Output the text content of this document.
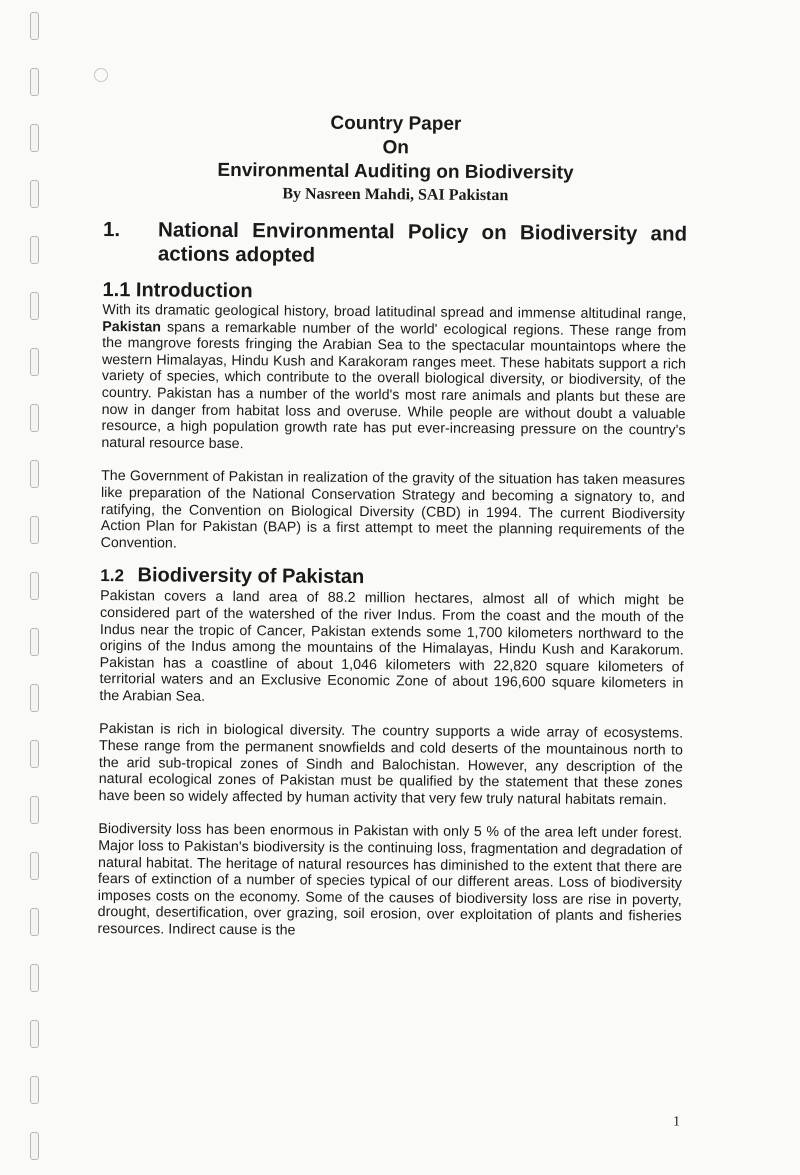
Country Paper
On
Environmental Auditing on Biodiversity
By Nasreen Mahdi, SAI Pakistan
1.	National Environmental Policy on Biodiversity and actions adopted
1.1 Introduction

With its dramatic geological history, broad latitudinal spread and immense altitudinal range, Pakistan spans a remarkable number of the world' ecological regions. These range from the mangrove forests fringing the Arabian Sea to the spectacular mountaintops where the western Himalayas, Hindu Kush and Karakoram ranges meet. These habitats support a rich variety of species, which contribute to the overall biological diversity, or biodiversity, of the country. Pakistan has a number of the world's most rare animals and plants but these are now in danger from habitat loss and overuse. While people are without doubt a valuable resource, a high population growth rate has put ever-increasing pressure on the country's natural resource base.

The Government of Pakistan in realization of the gravity of the situation has taken measures like preparation of the National Conservation Strategy and becoming a signatory to, and ratifying, the Convention on Biological Diversity (CBD) in 1994. The current Biodiversity Action Plan for Pakistan (BAP) is a first attempt to meet the planning requirements of the Convention.

1.2 Biodiversity of Pakistan

Pakistan covers a land area of 88.2 million hectares, almost all of which might be considered part of the watershed of the river Indus. From the coast and the mouth of the Indus near the tropic of Cancer, Pakistan extends some 1,700 kilometers northward to the origins of the Indus among the mountains of the Himalayas, Hindu Kush and Karakorum. Pakistan has a coastline of about 1,046 kilometers with 22,820 square kilometers of territorial waters and an Exclusive Economic Zone of about 196,600 square kilometers in the Arabian Sea.

Pakistan is rich in biological diversity. The country supports a wide array of ecosystems. These range from the permanent snowfields and cold deserts of the mountainous north to the arid sub-tropical zones of Sindh and Balochistan. However, any description of the natural ecological zones of Pakistan must be qualified by the statement that these zones have been so widely affected by human activity that very few truly natural habitats remain.

Biodiversity loss has been enormous in Pakistan with only 5 % of the area left under forest. Major loss to Pakistan's biodiversity is the continuing loss, fragmentation and degradation of natural habitat. The heritage of natural resources has diminished to the extent that there are fears of extinction of a number of species typical of our different areas. Loss of biodiversity imposes costs on the economy. Some of the causes of biodiversity loss are rise in poverty, drought, desertification, over grazing, soil erosion, over exploitation of plants and fisheries resources. Indirect cause is the

1
